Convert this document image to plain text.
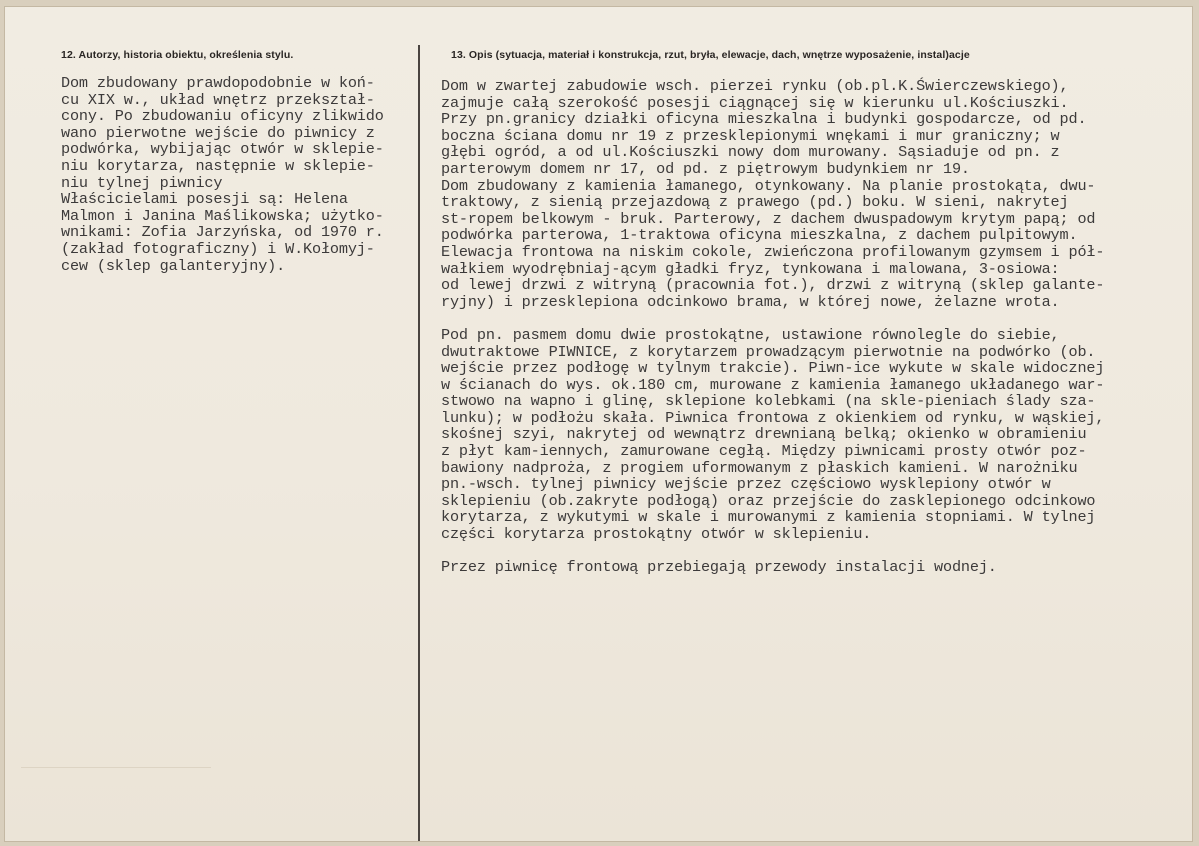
12. Autorzy, historia obiektu, określenia stylu.	13. Opis (sytuacja, materiał i konstrukcja, rzut, bryła, elewacje, dach, wnętrze wyposażenie, instal)acje
Dom zbudowany prawdopodobnie w koń-
cu XIX w., układ wnętrz przekształ-
cony. Po zbudowaniu oficyny zlikwido
wano pierwotne wejście do piwnicy z
podwórka, wybijając otwór w sklepie-
niu korytarza, następnie w sklepie-
niu tylnej piwnicy
Właścicielami posesji są: Helena
Malmon i Janina Maślikowska; użytko-
wnikami: Zofia Jarzyńska, od 1970 r.
(zakład fotograficzny) i W.Kołomyj-
cew (sklep galanteryjny).
Dom w zwartej zabudowie wsch. pierzei rynku (ob.pl.K.Świerczewskiego),
zajmuje całą szerokość posesji ciągnącej się w kierunku ul.Kościuszki.
Przy pn.granicy działki oficyna mieszkalna i budynki gospodarcze, od pd.
boczna ściana domu nr 19 z przesklepionymi wnękami i mur graniczny; w
głębi ogród, a od ul.Kościuszki nowy dom murowany. Sąsiaduje od pn. z
parterowym domem nr 17, od pd. z piętrowym budynkiem nr 19.
Dom zbudowany z kamienia łamanego, otynkowany. Na planie prostokąta, dwu-
traktowy, z sienią przejazdową z prawego (pd.) boku. W sieni, nakrytej
st-ropem belkowym - bruk. Parterowy, z dachem dwuspadowym krytym papą; od
podwórka parterowa, 1-traktowa oficyna mieszkalna, z dachem pulpitowym.
Elewacja frontowa na niskim cokole, zwieńczona profilowanym gzymsem i pół-
wałkiem wyodrębniaj-ącym gładki fryz, tynkowana i malowana, 3-osiowa:
od lewej drzwi z witryną (pracownia fot.), drzwi z witryną (sklep galante-
ryjny) i przesklepiona odcinkowo brama, w której nowe, żelazne wrota.
Pod pn. pasmem domu dwie prostokątne, ustawione równolegle do siebie,
dwutraktowe PIWNICE, z korytarzem prowadzącym pierwotnie na podwórko (ob.
wejście przez podłogę w tylnym trakcie). Piwn-ice wykute w skale widocznej
w ścianach do wys. ok.180 cm, murowane z kamienia łamanego układanego war-
stwowo na wapno i glinę, sklepione kolebkami (na skle-pieniach ślady sza-
lunku); w podłożu skała. Piwnica frontowa z okienkiem od rynku, w wąskiej,
skośnej szyi, nakrytej od wewnątrz drewnianą belką; okienko w obramieniu
z płyt kam-iennych, zamurowane cegłą. Między piwnicami prosty otwór poz-
bawiony nadproża, z progiem uformowanym z płaskich kamieni. W narożniku
pn.-wsch. tylnej piwnicy wejście przez częściowo wysklepiony otwór w
sklepieniu (ob.zakryte podłogą) oraz przejście do zasklepionego odcinkowo
korytarza, z wykutymi w skale i murowanymi z kamienia stopniami. W tylnej
części korytarza prostokątny otwór w sklepieniu.
Przez piwnicę frontową przebiegają przewody instalacji wodnej.
